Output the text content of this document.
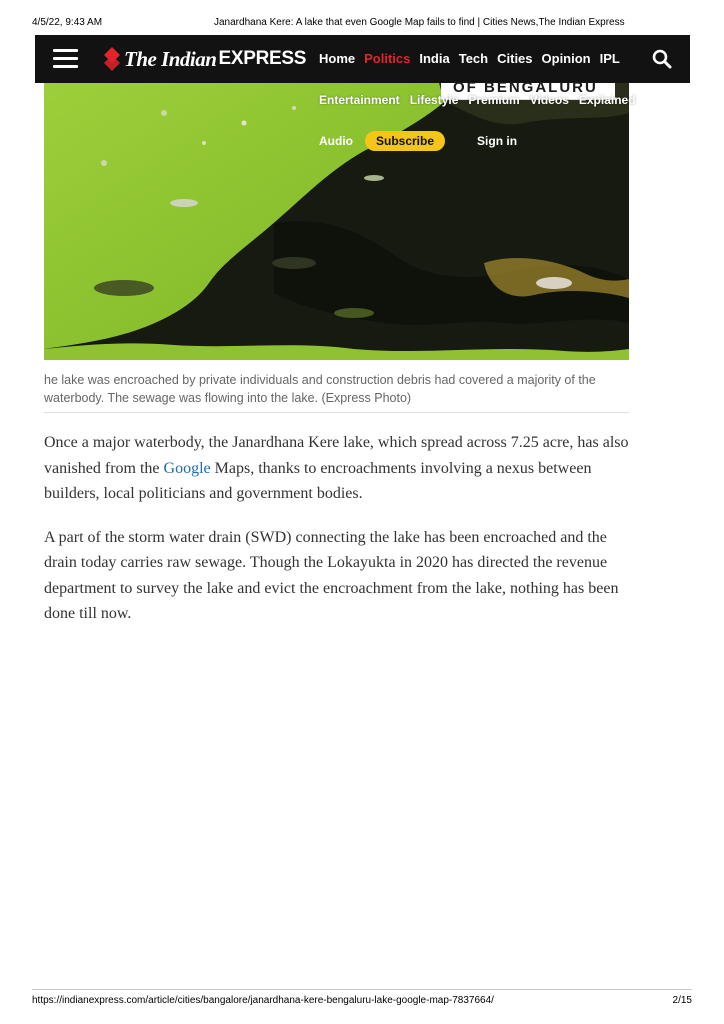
4/5/22, 9:43 AM	Janardhana Kere: A lake that even Google Map fails to find | Cities News,The Indian Express
The Indian EXPRESS Home Politics India Tech Cities Opinion IPL
OF BENGALURU
Entertainment Lifestyle Premium Videos Explained
Audio	Subscribe	Sign in
he lake was encroached by private individuals and construction debris had covered a majority of the waterbody. The sewage was flowing into the lake. (Express Photo)

Once a major waterbody, the Janardhana Kere lake, which spread across 7.25 acre, has also vanished from the Google Maps, thanks to encroachments involving a nexus between builders, local politicians and government bodies.

A part of the storm water drain (SWD) connecting the lake has been encroached and the drain today carries raw sewage. Though the Lokayukta in 2020 has directed the revenue department to survey the lake and evict the encroachment from the lake, nothing has been done till now.

https://indianexpress.com/article/cities/bangalore/janardhana-kere-bengaluru-lake-google-map-7837664/	2/15
